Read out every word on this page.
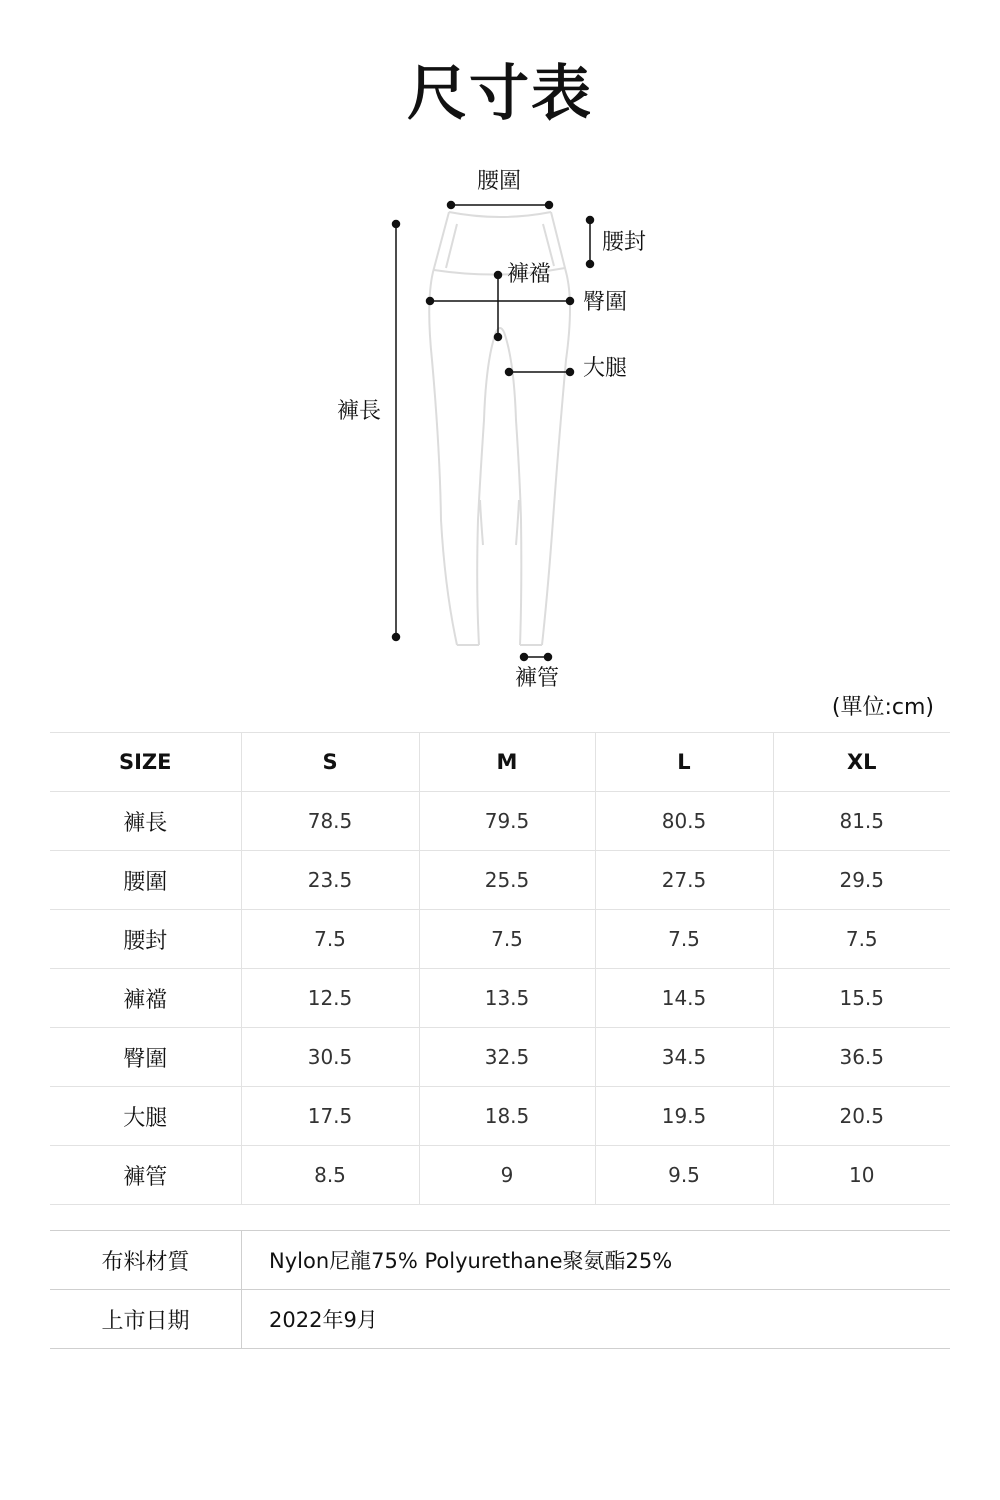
尺寸表
腰圍
腰封
褲襠
臀圍
大腿
褲長
褲管
(單位:cm)
SIZE	S	M	L	XL
褲長	78.5	79.5	80.5	81.5
腰圍	23.5	25.5	27.5	29.5
腰封	7.5	7.5	7.5	7.5
褲襠	12.5	13.5	14.5	15.5
臀圍	30.5	32.5	34.5	36.5
大腿	17.5	18.5	19.5	20.5
褲管	8.5	9	9.5	10
布料材質	Nylon尼龍75% Polyurethane聚氨酯25%
上市日期	2022年9月
